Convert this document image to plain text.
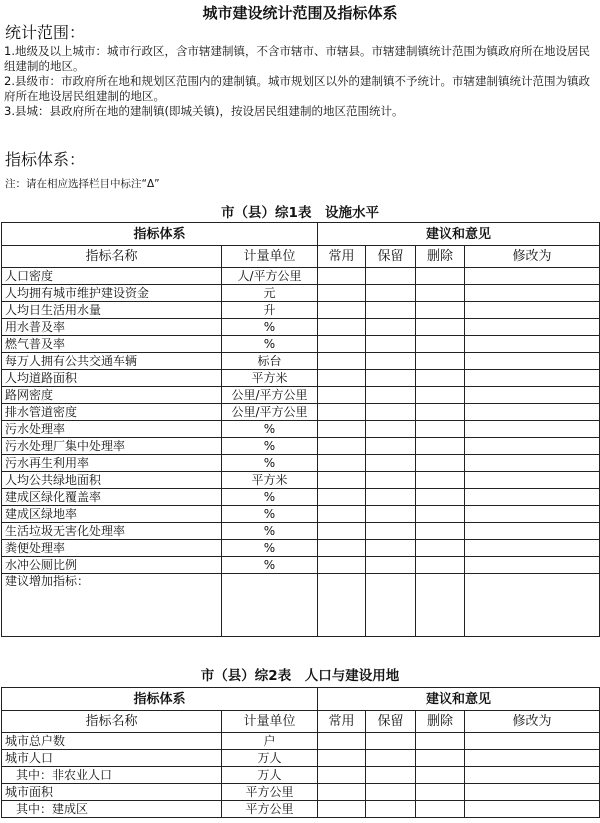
城市建设统计范围及指标体系
统计范围：
1.地级及以上城市：城市行政区，含市辖建制镇，不含市辖市、市辖县。市辖建制镇统计范围为镇政府所在地设居民组建制的地区。
2.县级市：市政府所在地和规划区范围内的建制镇。城市规划区以外的建制镇不予统计。市辖建制镇统计范围为镇政府所在地设居民组建制的地区。
3.县城：县政府所在地的建制镇(即城关镇)，按设居民组建制的地区范围统计。
指标体系：
注：请在相应选择栏目中标注“Δ”
市（县）综1表　设施水平
指标体系		建议和意见			
指标名称	计量单位	常用	保留	删除	修改为
人口密度	人/平方公里				
人均拥有城市维护建设资金	元				
人均日生活用水量	升				
用水普及率	%				
燃气普及率	%				
每万人拥有公共交通车辆	标台				
人均道路面积	平方米				
路网密度	公里/平方公里				
排水管道密度	公里/平方公里				
污水处理率	%				
污水处理厂集中处理率	%				
污水再生利用率	%				
人均公共绿地面积	平方米				
建成区绿化覆盖率	%				
建成区绿地率	%				
生活垃圾无害化处理率	%				
粪便处理率	%				
水冲公厕比例	%				
建议增加指标：					
市（县）综2表　人口与建设用地
指标体系		建议和意见			
指标名称	计量单位	常用	保留	删除	修改为
城市总户数	户				
城市人口	万人				
其中：非农业人口	万人				
城市面积	平方公里				
其中：建成区	平方公里				
